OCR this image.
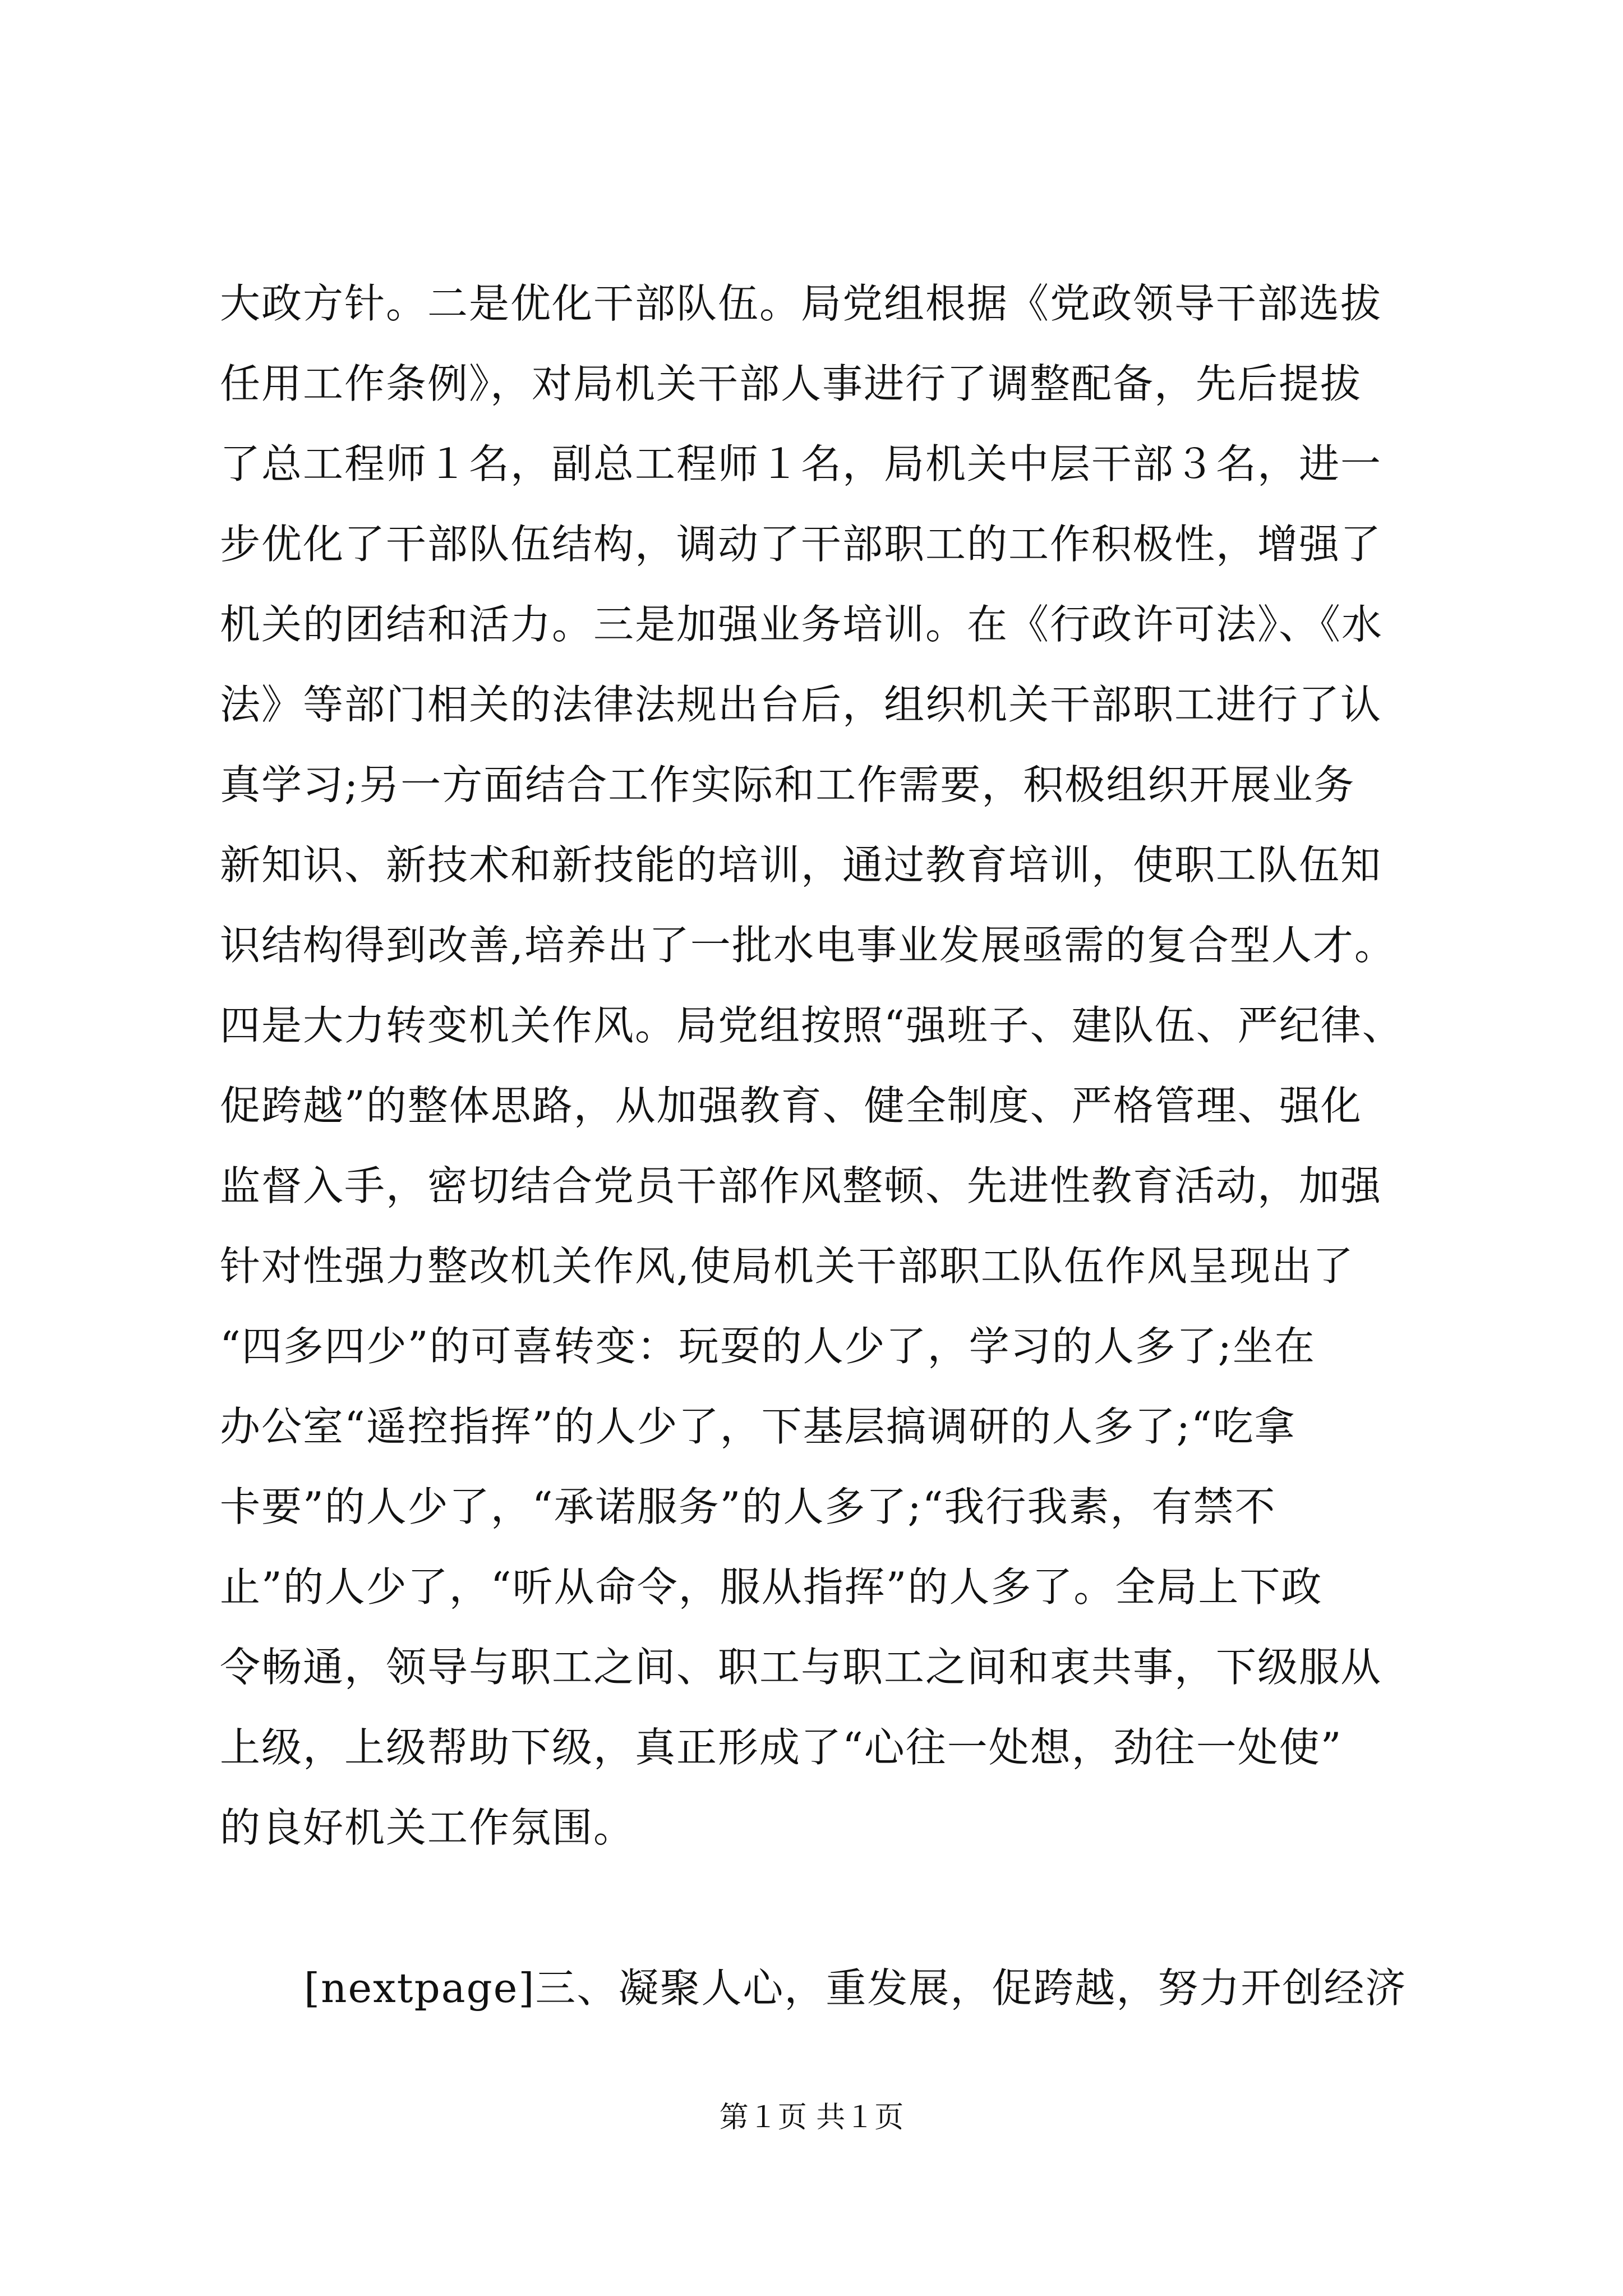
大政方针。二是优化干部队伍。局党组根据《党政领导干部选拔
任用工作条例》，对局机关干部人事进行了调整配备，先后提拔
了总工程师１名，副总工程师１名，局机关中层干部３名，进一
步优化了干部队伍结构，调动了干部职工的工作积极性，增强了
机关的团结和活力。三是加强业务培训。在《行政许可法》、《水
法》等部门相关的法律法规出台后，组织机关干部职工进行了认
真学习;另一方面结合工作实际和工作需要，积极组织开展业务
新知识、新技术和新技能的培训，通过教育培训，使职工队伍知
识结构得到改善,培养出了一批水电事业发展亟需的复合型人才。
四是大力转变机关作风。局党组按照“强班子、建队伍、严纪律、
促跨越”的整体思路，从加强教育、健全制度、严格管理、强化
监督入手，密切结合党员干部作风整顿、先进性教育活动，加强
针对性强力整改机关作风,使局机关干部职工队伍作风呈现出了
“四多四少”的可喜转变：玩耍的人少了，学习的人多了;坐在
办公室“遥控指挥”的人少了，下基层搞调研的人多了;“吃拿
卡要”的人少了，“承诺服务”的人多了;“我行我素，有禁不
止”的人少了，“听从命令，服从指挥”的人多了。全局上下政
令畅通，领导与职工之间、职工与职工之间和衷共事，下级服从
上级，上级帮助下级，真正形成了“心往一处想，劲往一处使”
的良好机关工作氛围。
[nextpage]三、凝聚人心，重发展，促跨越，努力开创经济
第１页 共１页
